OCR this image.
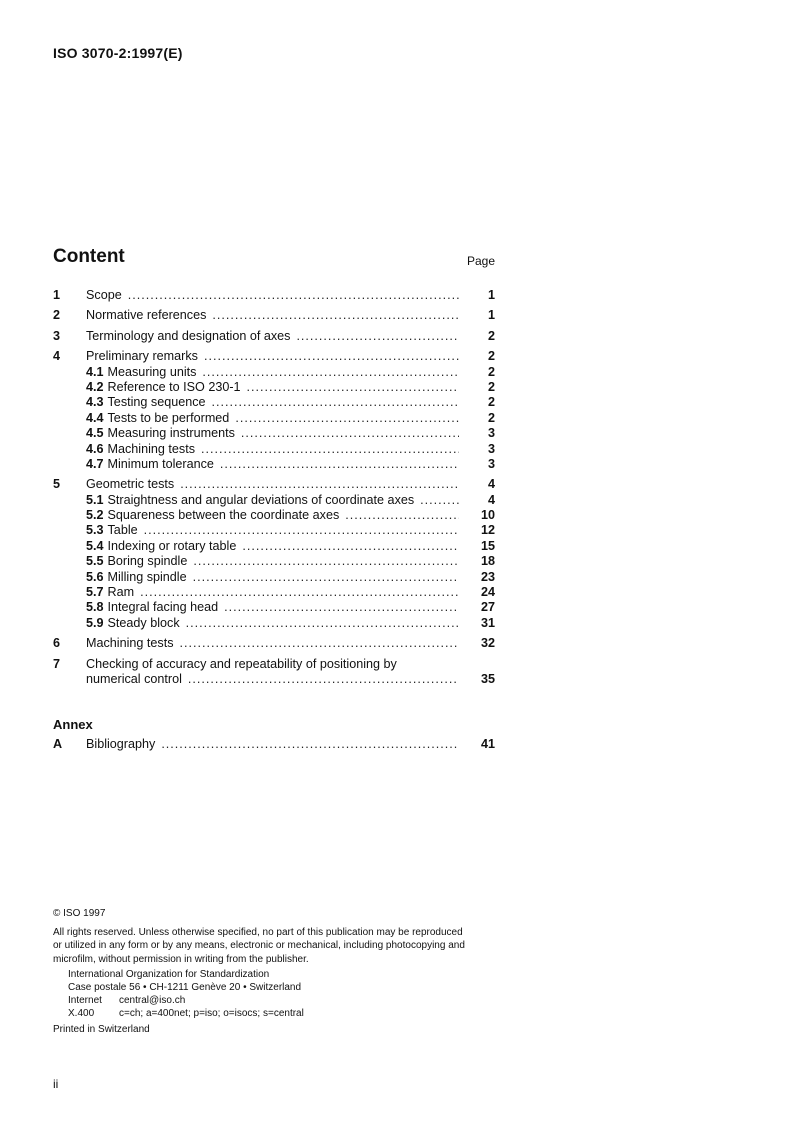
ISO 3070-2:1997(E)
Content	Page
1	Scope .....	1
2	Normative references .....	1
3	Terminology and designation of axes .....	2
4	Preliminary remarks .....	2
4.1 Measuring units .....	2
4.2 Reference to ISO 230-1 .....	2
4.3 Testing sequence .....	2
4.4 Tests to be performed .....	2
4.5 Measuring instruments .....	3
4.6 Machining tests .....	3
4.7 Minimum tolerance .....	3
5	Geometric tests .....	4
5.1 Straightness and angular deviations of coordinate axes .....	4
5.2 Squareness between the coordinate axes .....	10
5.3 Table .....	12
5.4 Indexing or rotary table .....	15
5.5 Boring spindle .....	18
5.6 Milling spindle .....	23
5.7 Ram .....	24
5.8 Integral facing head .....	27
5.9 Steady block .....	31
6	Machining tests .....	32
7	Checking of accuracy and repeatability of positioning by
numerical control .....	35
Annex
A	Bibliography .....	41
© ISO 1997
All rights reserved. Unless otherwise specified, no part of this publication may be reproduced
or utilized in any form or by any means, electronic or mechanical, including photocopying and
microfilm, without permission in writing from the publisher.
International Organization for Standardization
Case postale 56 • CH-1211 Genève 20 • Switzerland
Internet	central@iso.ch
X.400	c=ch; a=400net; p=iso; o=isocs; s=central
Printed in Switzerland
ii
